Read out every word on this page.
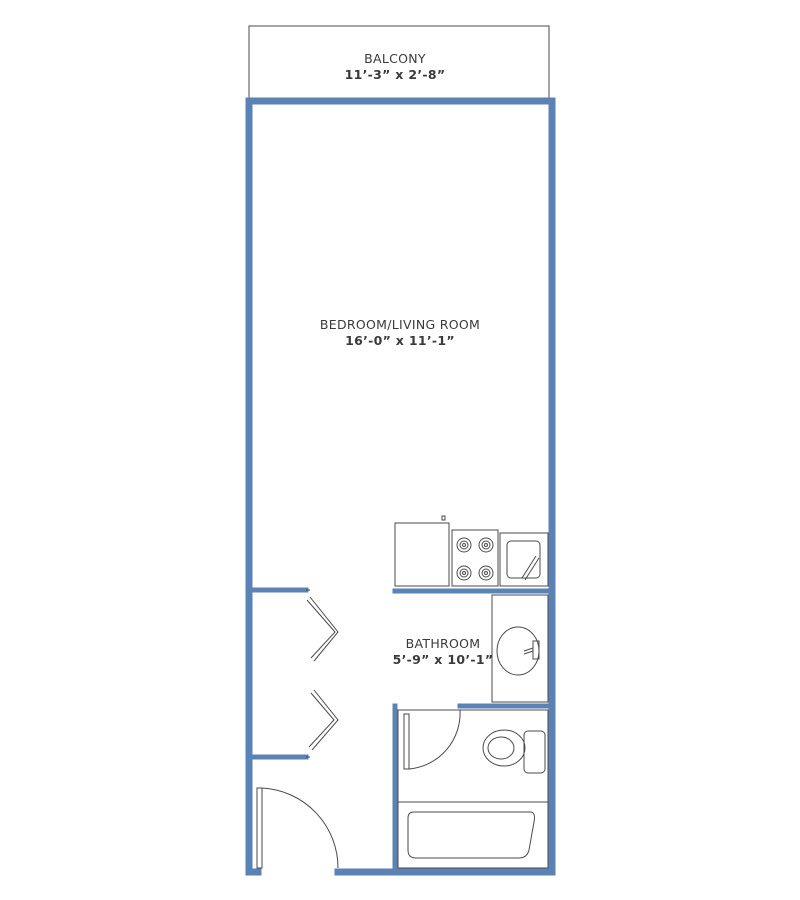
BALCONY
11’-3” x 2’-8”
BEDROOM/LIVING ROOM
16’-0” x 11’-1”
BATHROOM
5’-9” x 10’-1”
